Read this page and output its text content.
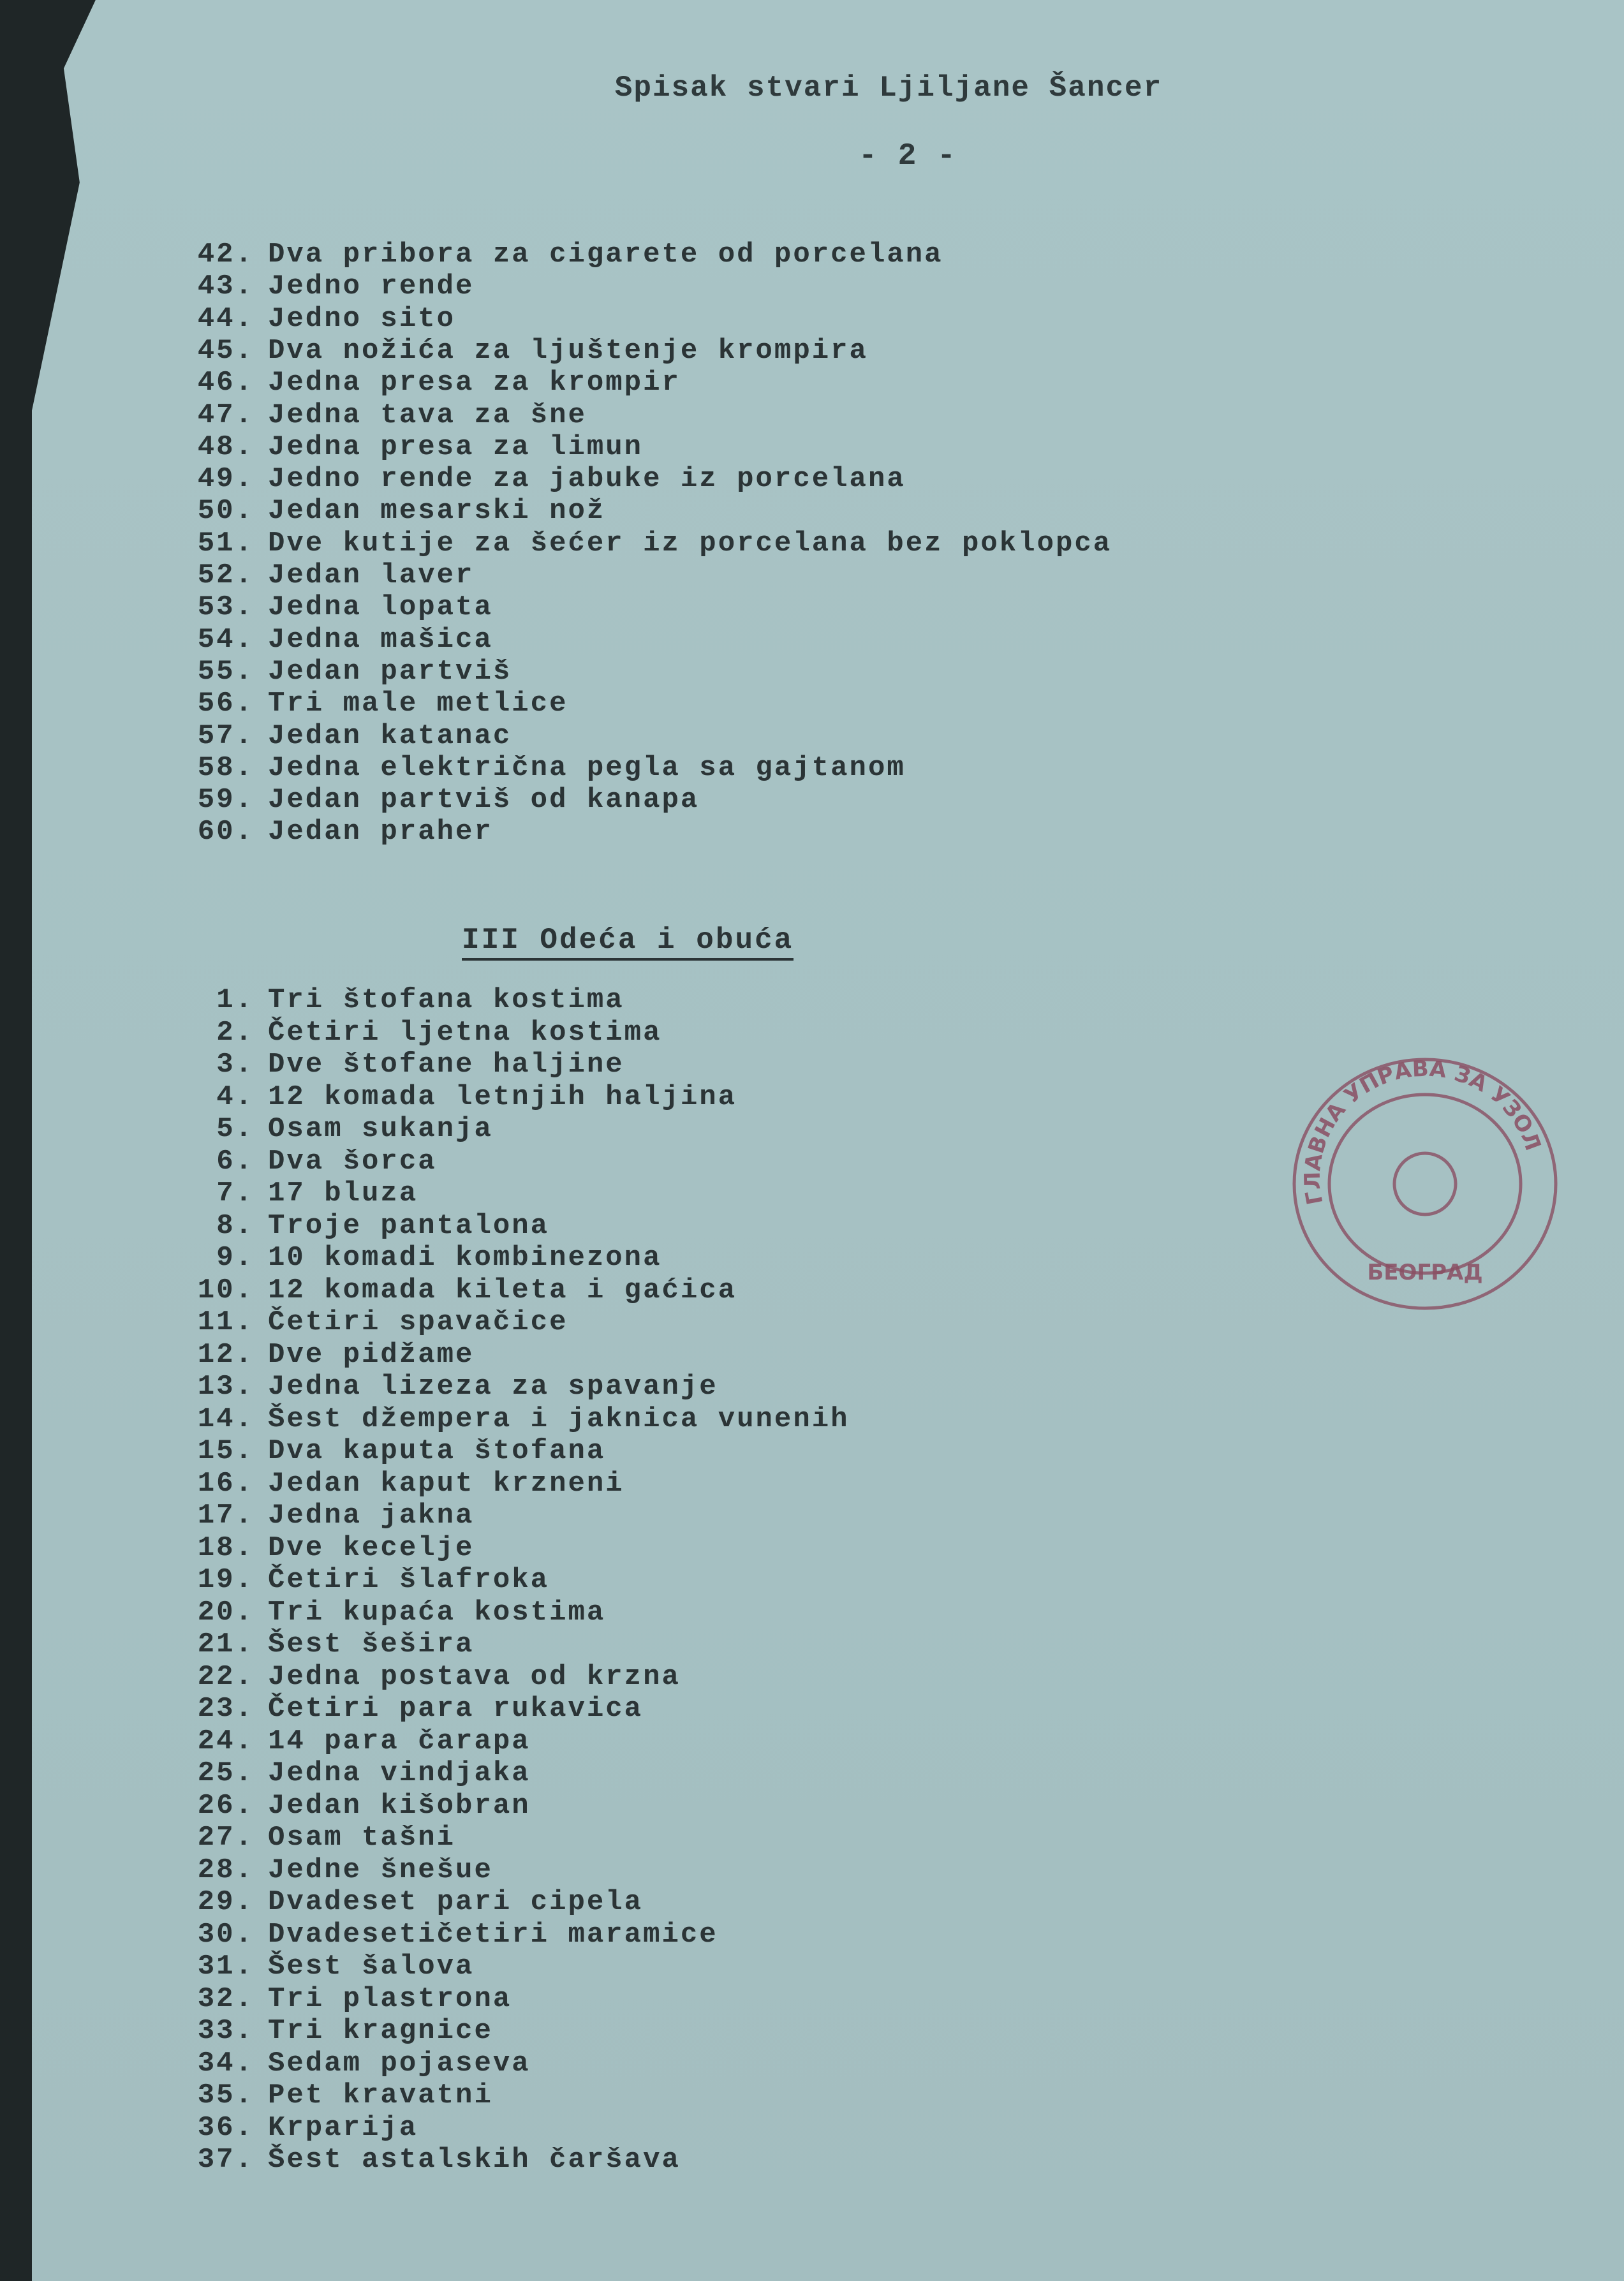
Spisak stvari Ljiljane Šancer
- 2 -
42. Dva pribora za cigarete od porcelana
43. Jedno rende
44. Jedno sito
45. Dva nožića za ljuštenje krompira
46. Jedna presa za krompir
47. Jedna tava za šne
48. Jedna presa za limun
49. Jedno rende za jabuke iz porcelana
50. Jedan mesarski nož
51. Dve kutije za šećer iz porcelana bez poklopca
52. Jedan laver
53. Jedna lopata
54. Jedna mašica
55. Jedan partviš
56. Tri male metlice
57. Jedan katanac
58. Jedna električna pegla sa gajtanom
59. Jedan partviš od kanapa
60. Jedan praher
III Odeća i obuća
1. Tri štofana kostima
2. Četiri ljetna kostima
3. Dve štofane haljine
4. 12 komada letnjih haljina
5. Osam sukanja
6. Dva šorca
7. 17 bluza
8. Troje pantalona
9. 10 komadi kombinezona
10. 12 komada kileta i gaćica
11. Četiri spavačice
12. Dve pidžame
13. Jedna lizeza za spavanje
14. Šest džempera i jaknica vunenih
15. Dva kaputa štofana
16. Jedan kaput krzneni
17. Jedna jakna
18. Dve kecelje
19. Četiri šlafroka
20. Tri kupaća kostima
21. Šest šešira
22. Jedna postava od krzna
23. Četiri para rukavica
24. 14 para čarapa
25. Jedna vindjaka
26. Jedan kišobran
27. Osam tašni
28. Jedne šnešue
29. Dvadeset pari cipela
30. Dvadesetičetiri maramice
31. Šest šalova
32. Tri plastrona
33. Tri kragnice
34. Sedam pojaseva
35. Pet kravatni
36. Krparija
37. Šest astalskih čaršava
ГЛАВНА УПРАВА ЗА УЗОЛ
БЕОГРАД
